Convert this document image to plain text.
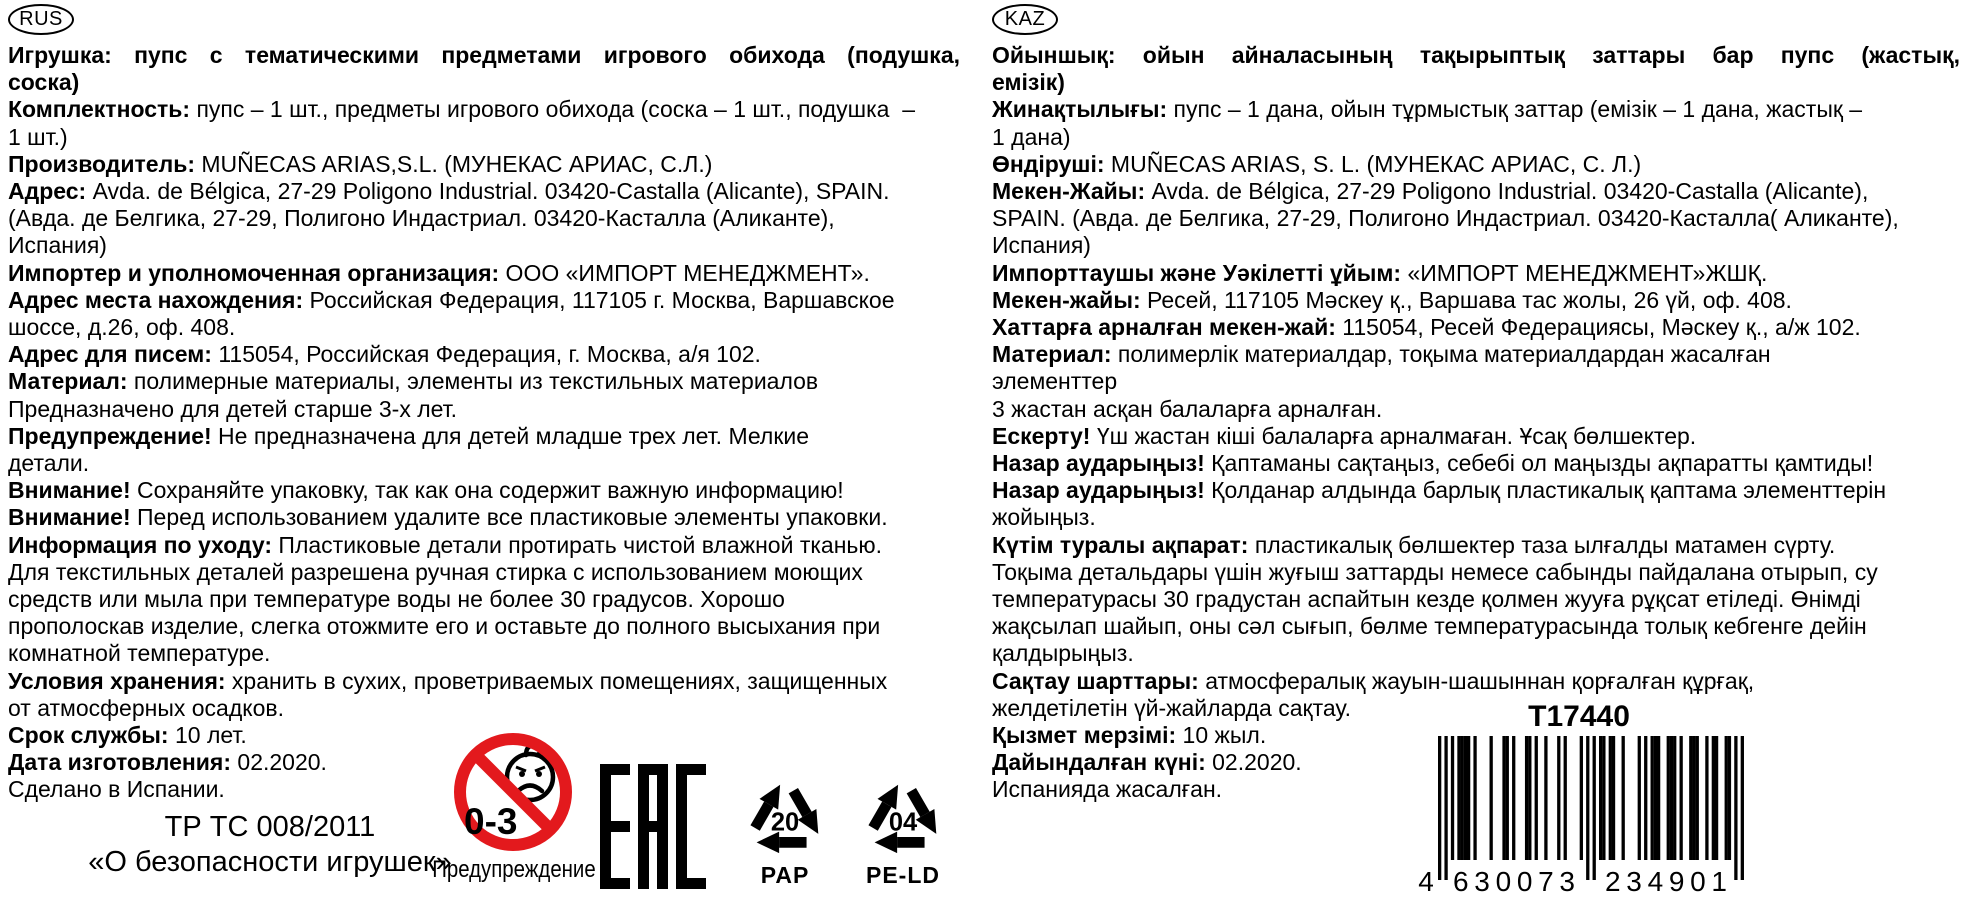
RUS	KAZ
Игрушка: пупс с тематическими предметами игрового обихода (подушка,
соска)
Комплектность: пупс – 1 шт., предметы игрового обихода (соска – 1 шт., подушка  –
1 шт.)
Производитель: MUÑECAS ARIAS,S.L. (МУНЕКАС АРИАС, С.Л.)
Адрес: Avda. de Bélgica, 27-29 Poligono Industrial. 03420-Castalla (Alicante), SPAIN.
(Авда. де Белгика, 27-29, Полигоно Индастриал. 03420-Касталла (Аликанте),
Испания)
Импортер и уполномоченная организация: ООО «ИМПОРТ МЕНЕДЖМЕНТ».
Адрес места нахождения: Российская Федерация, 117105 г. Москва, Варшавское
шоссе, д.26, оф. 408.
Адрес для писем: 115054, Российская Федерация, г. Москва, а/я 102.
Материал: полимерные материалы, элементы из текстильных материалов
Предназначено для детей старше 3-х лет.
Предупреждение! Не предназначена для детей младше трех лет. Мелкие
детали.
Внимание! Сохраняйте упаковку, так как она содержит важную информацию!
Внимание! Перед использованием удалите все пластиковые элементы упаковки.
Информация по уходу: Пластиковые детали протирать чистой влажной тканью.
Для текстильных деталей разрешена ручная стирка с использованием моющих
средств или мыла при температуре воды не более 30 градусов. Хорошо
прополоскав изделие, слегка отожмите его и оставьте до полного высыхания при
комнатной температуре.
Условия хранения: хранить в сухих, проветриваемых помещениях, защищенных
от атмосферных осадков.
Срок службы: 10 лет.
Дата изготовления: 02.2020.
Сделано в Испании.
Ойыншық: ойын айналасының тақырыптық заттары бар пупс (жастық,
емізік)
Жинақтылығы: пупс – 1 дана, ойын тұрмыстық заттар (емізік – 1 дана, жастық –
1 дана)
Өндіруші: MUÑECAS ARIAS, S. L. (МУНЕКАС АРИАС, С. Л.)
Мекен-Жайы: Avda. de Bélgica, 27-29 Poligono Industrial. 03420-Castalla (Alicante),
SPAIN. (Авда. де Белгика, 27-29, Полигоно Индастриал. 03420-Касталла( Аликанте),
Испания)
Импорттаушы және Уәкілетті ұйым: «ИМПОРТ МЕНЕДЖМЕНТ»ЖШҚ.
Мекен-жайы: Ресей, 117105 Мәскеу қ., Варшава тас жолы, 26 үй, оф. 408.
Хаттарға арналған мекен-жай: 115054, Ресей Федерациясы, Мәскеу қ., а/ж 102.
Материал: полимерлік материалдар, тоқыма материалдардан жасалған
элементтер
3 жастан асқан балаларға арналған.
Ескерту! Үш жастан кіші балаларға арналмаған. Ұсақ бөлшектер.
Назар аударыңыз! Қаптаманы сақтаңыз, себебі ол маңызды ақпаратты қамтиды!
Назар аударыңыз! Қолданар алдында барлық пластикалық қаптама элементтерін
жойыңыз.
Күтім туралы ақпарат: пластикалық бөлшектер таза ылғалды матамен сүрту.
Тоқыма детальдары үшін жуғыш заттарды немесе сабынды пайдалана отырып, су
температурасы 30 градустан аспайтын кезде қолмен жууға рұқсат етіледі. Өнімді
жақсылап шайып, оны сәл сығып, бөлме температурасында толық кебгенге дейін
қалдырыңыз.
Сақтау шарттары: атмосфералық жауын-шашыннан қорғалған құрғақ,
желдетілетін үй-жайларда сақтау.
Қызмет мерзімі: 10 жыл.
Дайындалған күні: 02.2020.
Испанияда жасалған.
ТР ТС 008/2011
«О безопасности игрушек»
0-3
Предупреждение
20
PAP
04
PE-LD
T17440
4 630073 234901
